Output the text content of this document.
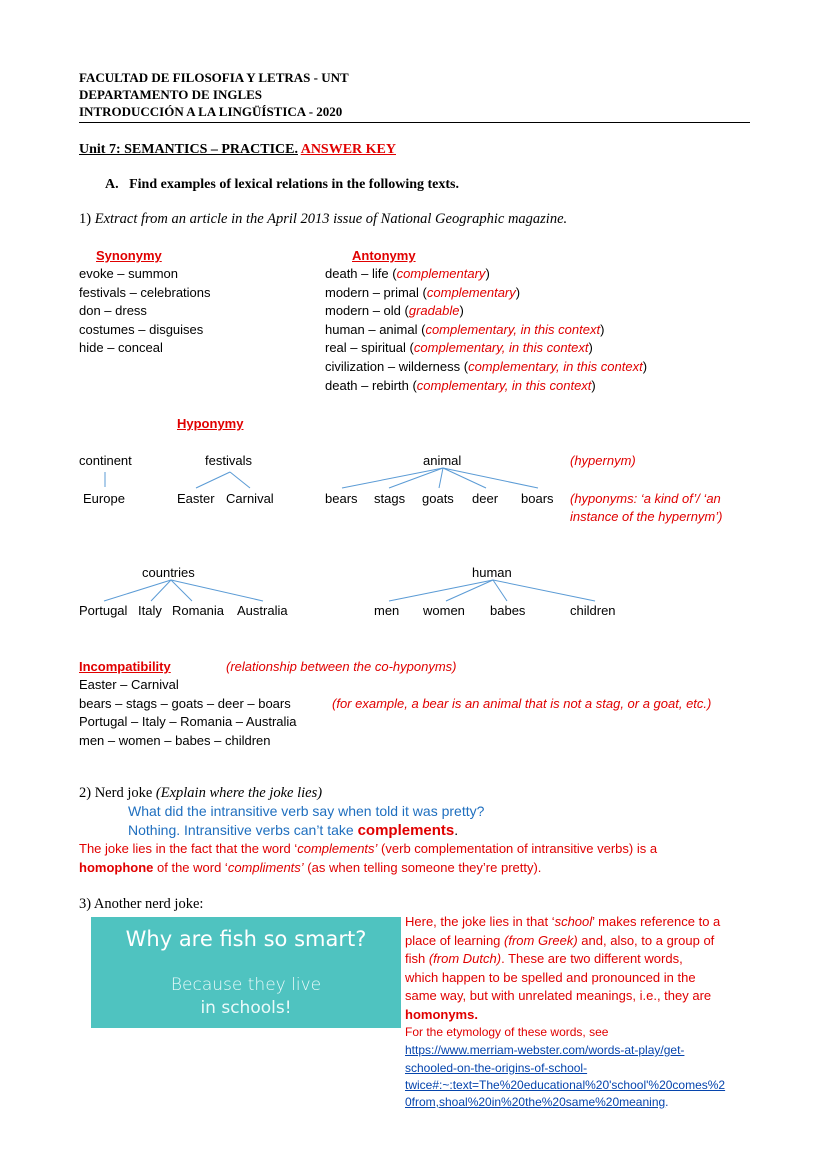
FACULTAD DE FILOSOFIA Y LETRAS - UNT
DEPARTAMENTO DE INGLES
INTRODUCCIÓN A LA LINGÜÍSTICA - 2020
Unit 7: SEMANTICS – PRACTICE. ANSWER KEY
A.   Find examples of lexical relations in the following texts.
1) Extract from an article in the April 2013 issue of National Geographic magazine.
Synonymy
evoke – summon
festivals – celebrations
don – dress
costumes – disguises
hide – conceal
Antonymy
death – life (complementary)
modern – primal (complementary)
modern – old (gradable)
human – animal (complementary, in this context)
real – spiritual (complementary, in this context)
civilization – wilderness (complementary, in this context)
death – rebirth (complementary, in this context)
Hyponymy
continent
Europe
festivals
Easter Carnival
animal
bears stags goats deer boars
(hypernym)
(hyponyms: ‘a kind of’/ ‘an
instance of the hypernym’)
countries
Portugal Italy Romania Australia
human
men women babes	children
Incompatibility	(relationship between the co-hyponyms)
Easter – Carnival
bears – stags – goats – deer – boars	(for example, a bear is an animal that is not a stag, or a goat, etc.)
Portugal – Italy – Romania – Australia
men – women – babes – children
2) Nerd joke (Explain where the joke lies)
What did the intransitive verb say when told it was pretty?
Nothing. Intransitive verbs can’t take complements.
The joke lies in the fact that the word ‘complements’ (verb complementation of intransitive verbs) is a
homophone of the word ‘compliments’ (as when telling someone they’re pretty).
3) Another nerd joke:
Why are fish so smart?
Because they live
in schools!
Here, the joke lies in that ‘school’ makes reference to a
place of learning (from Greek) and, also, to a group of
fish (from Dutch). These are two different words,
which happen to be spelled and pronounced in the
same way, but with unrelated meanings, i.e., they are
homonyms.
For the etymology of these words, see
https://www.merriam-webster.com/words-at-play/get-
schooled-on-the-origins-of-school-
twice#:~:text=The%20educational%20'school'%20comes%2
0from,shoal%20in%20the%20same%20meaning.
